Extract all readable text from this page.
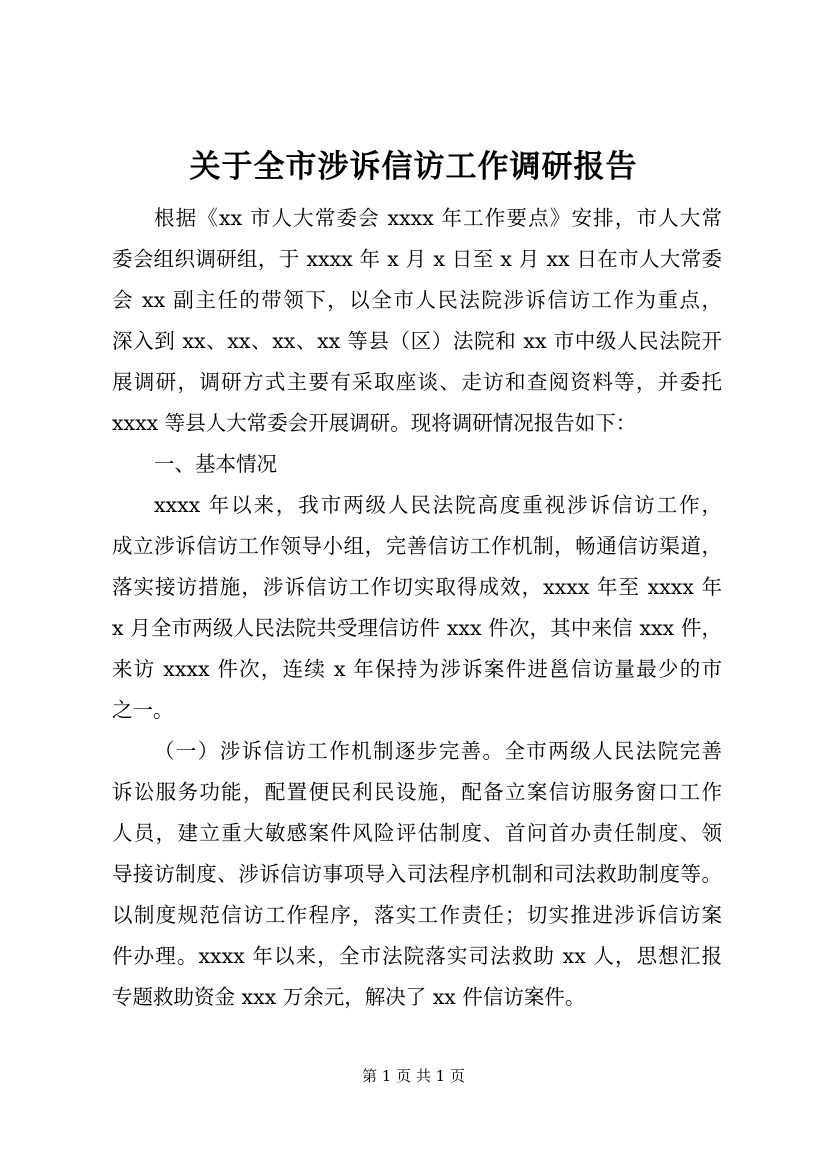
关于全市涉诉信访工作调研报告
根据《xx 市人大常委会 xxxx 年工作要点》安排，市人大常
委会组织调研组，于 xxxx 年 x 月 x 日至 x 月 xx 日在市人大常委
会 xx 副主任的带领下，以全市人民法院涉诉信访工作为重点，
深入到 xx、xx、xx、xx 等县（区）法院和 xx 市中级人民法院开
展调研，调研方式主要有采取座谈、走访和查阅资料等，并委托
xxxx 等县人大常委会开展调研。现将调研情况报告如下：
一、基本情况
xxxx 年以来，我市两级人民法院高度重视涉诉信访工作，
成立涉诉信访工作领导小组，完善信访工作机制，畅通信访渠道，
落实接访措施，涉诉信访工作切实取得成效，xxxx 年至 xxxx 年
x 月全市两级人民法院共受理信访件 xxx 件次，其中来信 xxx 件，
来访 xxxx 件次，连续 x 年保持为涉诉案件进邕信访量最少的市
之一。
（一）涉诉信访工作机制逐步完善。全市两级人民法院完善
诉讼服务功能，配置便民利民设施，配备立案信访服务窗口工作
人员，建立重大敏感案件风险评估制度、首问首办责任制度、领
导接访制度、涉诉信访事项导入司法程序机制和司法救助制度等。
以制度规范信访工作程序，落实工作责任；切实推进涉诉信访案
件办理。xxxx 年以来，全市法院落实司法救助 xx 人，思想汇报
专题救助资金 xxx 万余元，解决了 xx 件信访案件。
第 1 页 共 1 页
